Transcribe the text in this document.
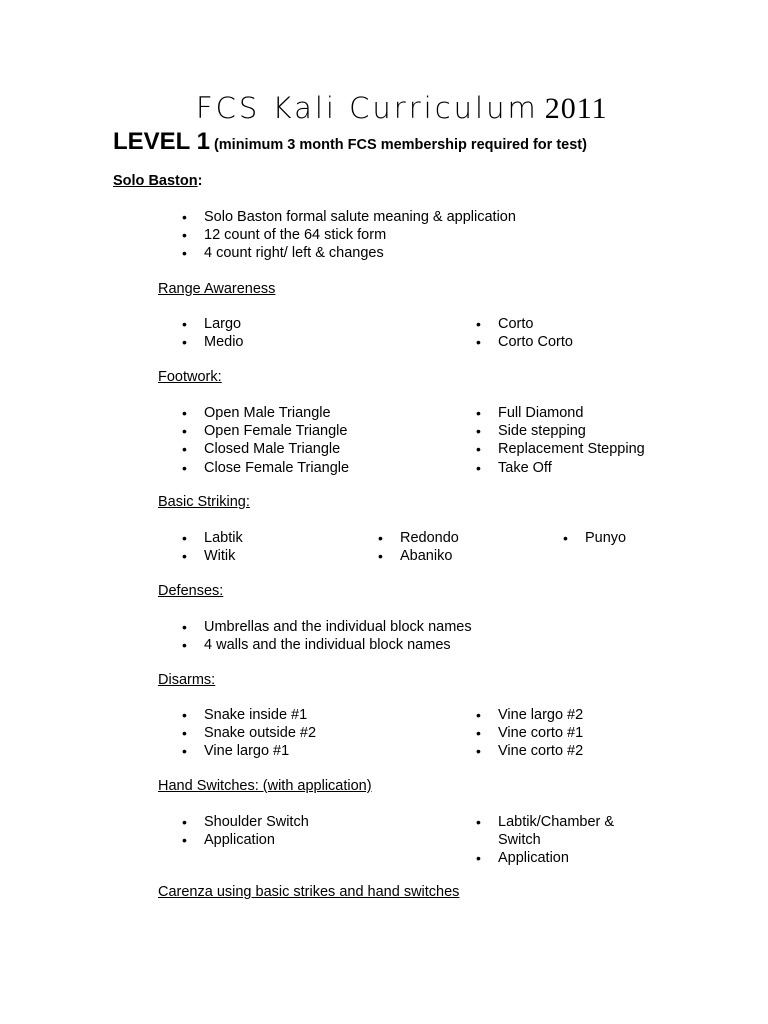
FCS Kali Curriculum 2011
LEVEL 1 (minimum 3 month FCS membership required for test)
Solo Baston:
• Solo Baston formal salute meaning & application
• 12 count of the 64 stick form
• 4 count right/ left & changes
Range Awareness
• Largo
• Medio
• Corto
• Corto Corto
Footwork:
• Open Male Triangle
• Open Female Triangle
• Closed Male Triangle
• Close Female Triangle
• Full Diamond
• Side stepping
• Replacement Stepping
• Take Off
Basic Striking:
• Labtik
• Witik
• Redondo
• Abaniko
• Punyo
Defenses:
• Umbrellas and the individual block names
• 4 walls and the individual block names
Disarms:
• Snake inside #1
• Snake outside #2
• Vine largo #1
• Vine largo #2
• Vine corto #1
• Vine corto #2
Hand Switches: (with application)
• Shoulder Switch
• Application
• Labtik/Chamber & Switch
• Application
Carenza using basic strikes and hand switches
